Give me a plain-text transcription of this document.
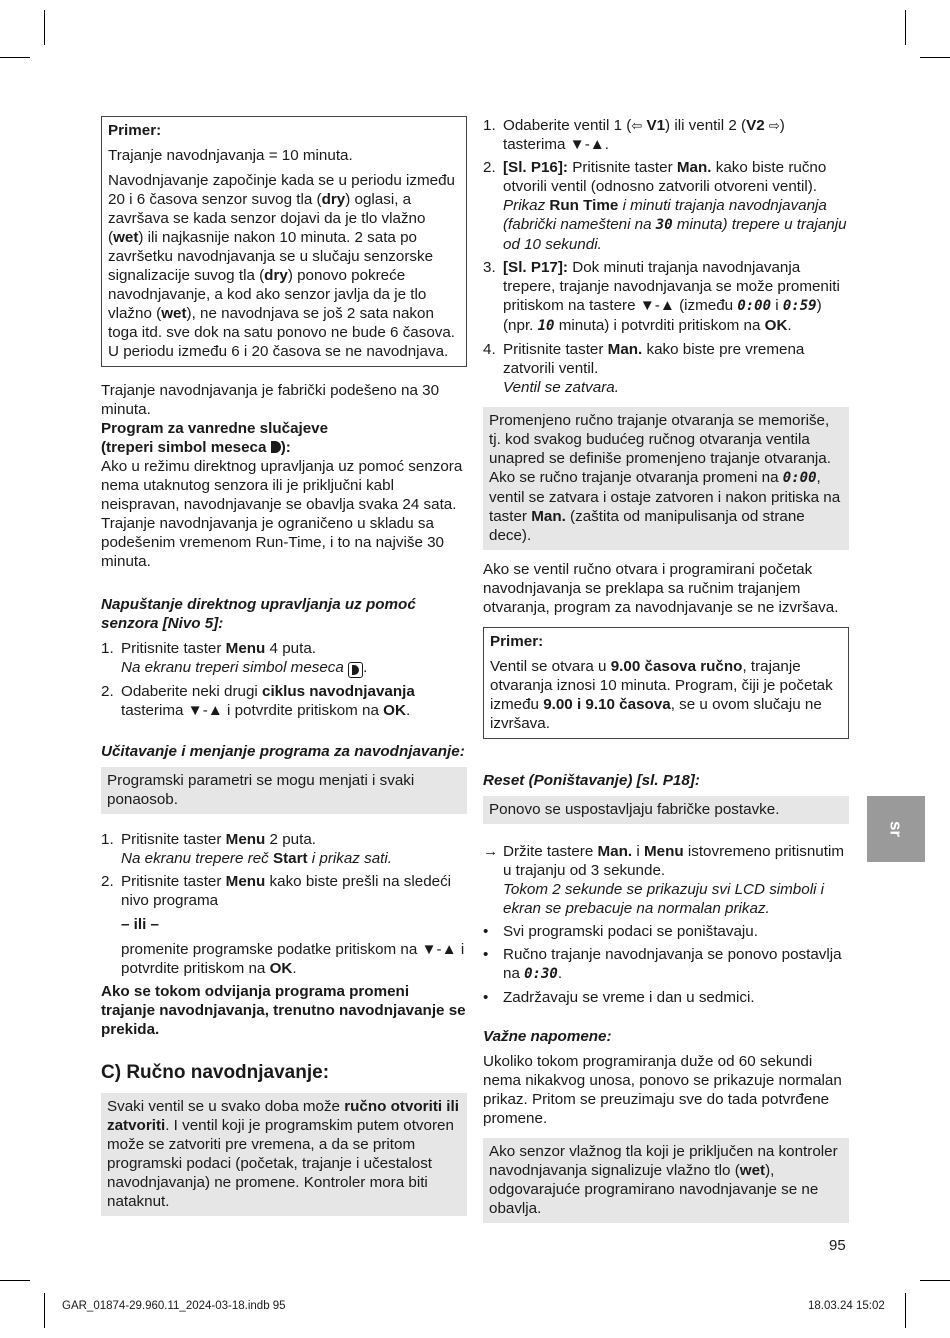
Primer:

Trajanje navodnjavanja = 10 minuta.

Navodnjavanje započinje kada se u periodu između 20 i 6 časova senzor suvog tla (dry) oglasi, a završava se kada senzor dojavi da je tlo vlažno (wet) ili najkasnije nakon 10 minuta. 2 sata po završetku navodnjavanja se u slučaju senzorske signalizacije suvog tla (dry) ponovo pokreće navodnjavanje, a kod ako senzor javlja da je tlo vlažno (wet), ne navodnjava se još 2 sata nakon toga itd. sve dok na satu ponovo ne bude 6 časova. U periodu između 6 i 20 časova se ne navodnjava.

Trajanje navodnjavanja je fabrički podešeno na 30 minuta.

Program za vanredne slučajeve
(treperi simbol meseca ):

Ako u režimu direktnog upravljanja uz pomoć senzora nema utaknutog senzora ili je priključni kabl neispravan, navodnjavanje se obavlja svaka 24 sata. Trajanje navodnjavanja je ograničeno u skladu sa podešenim vremenom Run-Time, i to na najviše 30 minuta.

Napuštanje direktnog upravljanja uz pomoć senzora [Nivo 5]:

1. Pritisnite taster Menu 4 puta.
Na ekranu treperi simbol meseca .
2. Odaberite neki drugi ciklus navodnjavanja tasterima ▼-▲ i potvrdite pritiskom na OK.

Učitavanje i menjanje programa za navodnjavanje:

Programski parametri se mogu menjati i svaki ponaosob.
1. Pritisnite taster Menu 2 puta.
Na ekranu trepere reč Start i prikaz sati.
2. Pritisnite taster Menu kako biste prešli na sledeći nivo programa

– ili –

promenite programske podatke pritiskom na ▼-▲ i potvrdite pritiskom na OK.

Ako se tokom odvijanja programa promeni trajanje navodnjavanja, trenutno navodnjavanje se prekida.

C) Ručno navodnjavanje:

Svaki ventil se u svako doba može ručno otvoriti ili zatvoriti. I ventil koji je programskim putem otvoren može se zatvoriti pre vremena, a da se pritom programski podaci (početak, trajanje i učestalost navodnjavanja) ne promene. Kontroler mora biti nataknut.
1. Odaberite ventil 1 (⇦ V1) ili ventil 2 (V2 ⇨) tasterima ▼-▲.
2. [Sl. P16]: Pritisnite taster Man. kako biste ručno otvorili ventil (odnosno zatvorili otvoreni ventil).
Prikaz Run Time i minuti trajanja navodnjavanja (fabrički namešteni na 30 minuta) trepere u trajanju od 10 sekundi.
3. [Sl. P17]: Dok minuti trajanja navodnjavanja trepere, trajanje navodnjavanja se može promeniti pritiskom na tastere ▼-▲ (između 0:00 i 0:59) (npr. 10 minuta) i potvrditi pritiskom na OK.
4. Pritisnite taster Man. kako biste pre vremena zatvorili ventil.
Ventil se zatvara.
Promenjeno ručno trajanje otvaranja se memoriše, tj. kod svakog budućeg ručnog otvaranja ventila unapred se definiše promenjeno trajanje otvaranja. Ako se ručno trajanje otvaranja promeni na 0:00, ventil se zatvara i ostaje zatvoren i nakon pritiska na taster Man. (zaštita od manipulisanja od strane dece).

Ako se ventil ručno otvara i programirani početak navodnjavanja se preklapa sa ručnim trajanjem otvaranja, program za navodnjavanje se ne izvršava.

Primer:

Ventil se otvara u 9.00 časova ručno, trajanje otvaranja iznosi 10 minuta. Program, čiji je početak između 9.00 i 9.10 časova, se u ovom slučaju ne izvršava.

Reset (Poništavanje) [sl. P18]:

Ponovo se uspostavljaju fabričke postavke.
→ Držite tastere Man. i Menu istovremeno pritisnutim u trajanju od 3 sekunde.
Tokom 2 sekunde se prikazuju svi LCD simboli i ekran se prebacuje na normalan prikaz.
• Svi programski podaci se poništavaju.
• Ručno trajanje navodnjavanja se ponovo postavlja na 0:30.
• Zadržavaju se vreme i dan u sedmici.

Važne napomene:

Ukoliko tokom programiranja duže od 60 sekundi nema nikakvog unosa, ponovo se prikazuje normalan prikaz. Pritom se preuzimaju sve do tada potvrđene promene.

Ako senzor vlažnog tla koji je priključen na kontroler navodnjavanja signalizuje vlažno tlo (wet), odgovarajuće programirano navodnjavanje se ne obavlja.
sr
95
GAR_01874-29.960.11_2024-03-18.indb 95	18.03.24 15:02
